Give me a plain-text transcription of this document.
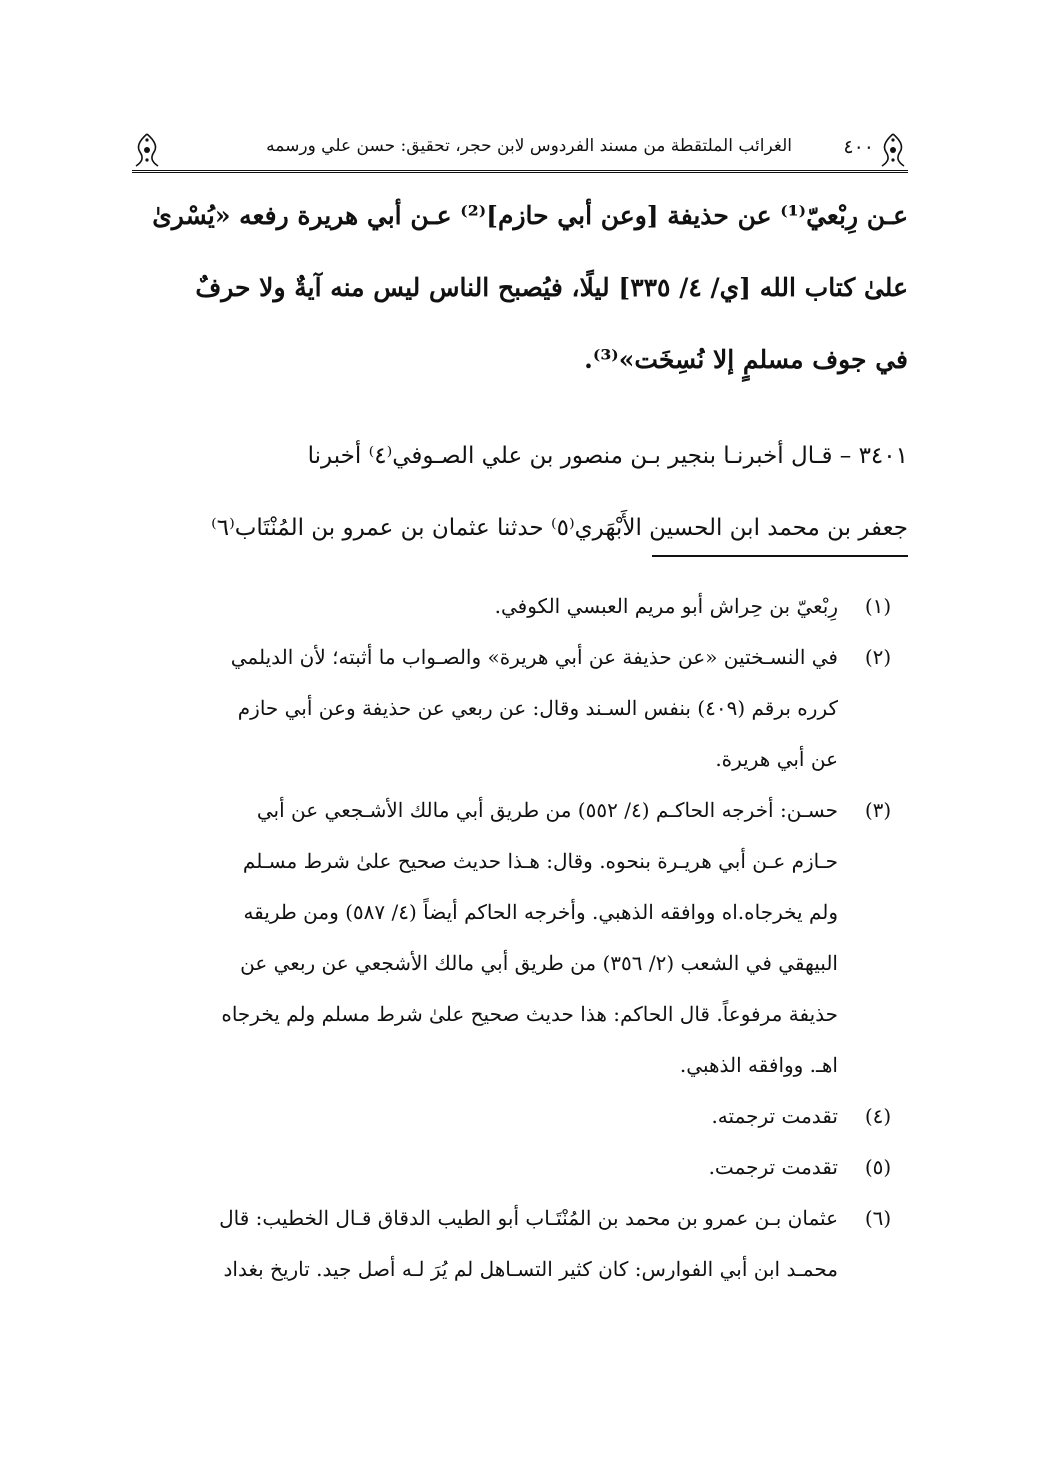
٤٠٠
الغرائب الملتقطة من مسند الفردوس لابن حجر، تحقيق: حسن علي ورسمه
عـن رِبْعيّ⁽¹⁾ عن حذيفة [وعن أبي حازم]⁽²⁾ عـن أبي هريرة رفعه «يُسْرىٰ
علىٰ كتاب الله [ي/ ٤/ ٣٣٥] ليلًا، فيُصبح الناس ليس منه آيةٌ ولا حرفٌ
في جوف مسلمٍ إلا نُسِخَت»⁽³⁾.
٣٤٠١ – قـال أخبرنـا بنجير بـن منصور بن علي الصـوفي⁽٤⁾ أخبرنا
جعفر بن محمد ابن الحسين الأَبْهَري⁽٥⁾ حدثنا عثمان بن عمرو بن المُنْتَاب⁽٦⁾
(١)
رِبْعيّ بن حِراش أبو مريم العبسي الكوفي.
(٢)
في النسـختين «عن حذيفة عن أبي هريرة» والصـواب ما أثبته؛ لأن الديلمي
كرره برقم (٤٠٩) بنفس السـند وقال: عن ربعي عن حذيفة وعن أبي حازم
عن أبي هريرة.
(٣)
حسـن: أخرجه الحاكـم (٤/ ٥٥٢) من طريق أبي مالك الأشـجعي عن أبي
حـازم عـن أبي هريـرة بنحوه. وقال: هـذا حديث صحيح علىٰ شرط مسـلم
ولم يخرجاه.اه ووافقه الذهبي. وأخرجه الحاكم أيضاً (٤/ ٥٨٧) ومن طريقه
البيهقي في الشعب (٢/ ٣٥٦) من طريق أبي مالك الأشجعي عن ربعي عن
حذيفة مرفوعاً. قال الحاكم: هذا حديث صحيح علىٰ شرط مسلم ولم يخرجاه
اهـ. ووافقه الذهبي.
(٤)
تقدمت ترجمته.
(٥)
تقدمت ترجمت.
(٦)
عثمان بـن عمرو بن محمد بن المُنْتَـاب أبو الطيب الدقاق قـال الخطيب: قال
محمـد ابن أبي الفوارس: كان كثير التسـاهل لم يُرَ لـه أصل جيد. تاريخ بغداد
